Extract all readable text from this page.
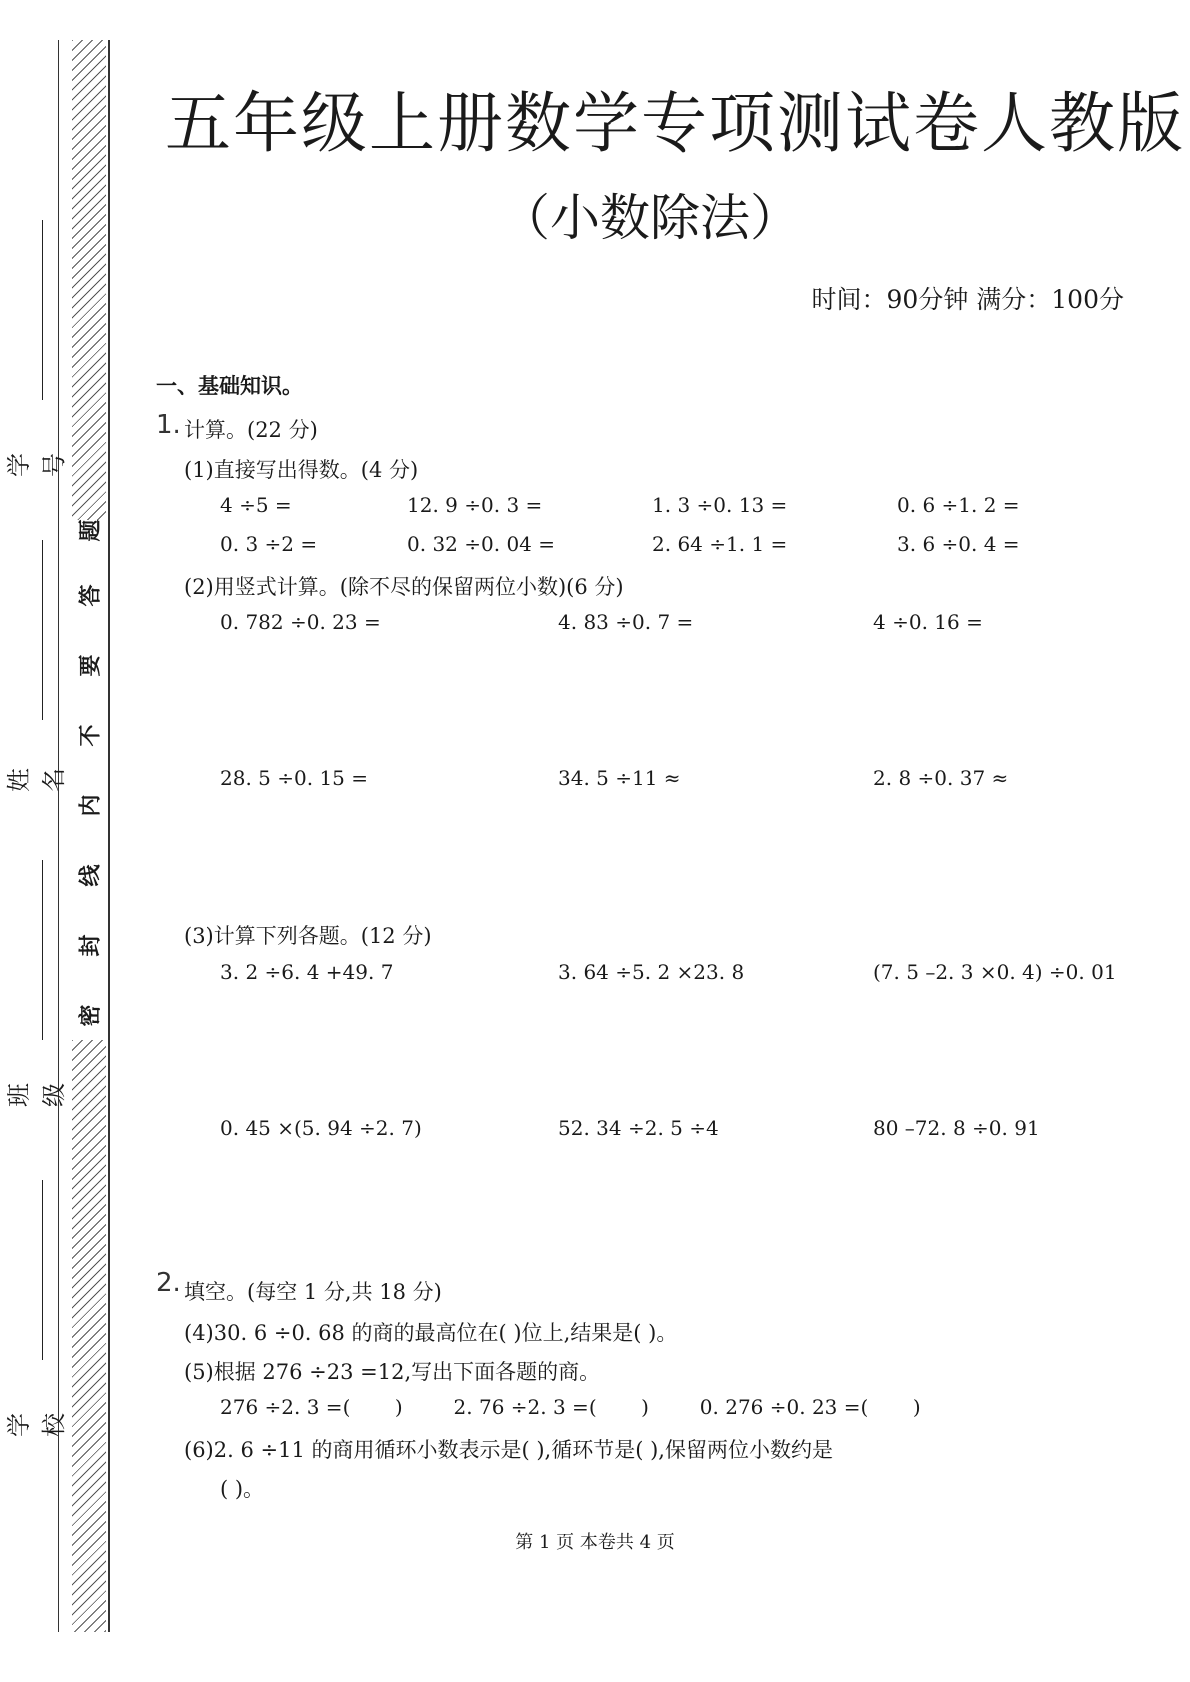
密
封
线
内
不
要
答
题
学号
姓名
班级
学校
五年级上册数学专项测试卷人教版
（小数除法）
时间：90分钟 满分：100分
一、基础知识。
1. 计算。(22 分)
(1)直接写出得数。(4 分)
4 ÷5 =	12. 9 ÷0. 3 =	1. 3 ÷0. 13 =	0. 6 ÷1. 2 =
0. 3 ÷2 =	0. 32 ÷0. 04 =	2. 64 ÷1. 1 =	3. 6 ÷0. 4 =
(2)用竖式计算。(除不尽的保留两位小数)(6 分)
0. 782 ÷0. 23 =	4. 83 ÷0. 7 =	4 ÷0. 16 =
28. 5 ÷0. 15 =	34. 5 ÷11 ≈	2. 8 ÷0. 37 ≈
(3)计算下列各题。(12 分)
3. 2 ÷6. 4 +49. 7	3. 64 ÷5. 2 ×23. 8	(7. 5 –2. 3 ×0. 4) ÷0. 01
0. 45 ×(5. 94 ÷2. 7)	52. 34 ÷2. 5 ÷4	80 –72. 8 ÷0. 91
2. 填空。(每空 1 分,共 18 分)
(4)30. 6 ÷0. 68 的商的最高位在( )位上,结果是( )。
(5)根据 276 ÷23 =12,写出下面各题的商。
276 ÷2. 3 =(       )        2. 76 ÷2. 3 =(       )        0. 276 ÷0. 23 =(       )
(6)2. 6 ÷11 的商用循环小数表示是( ),循环节是( ),保留两位小数约是
( )。
第 1 页 本卷共 4 页
